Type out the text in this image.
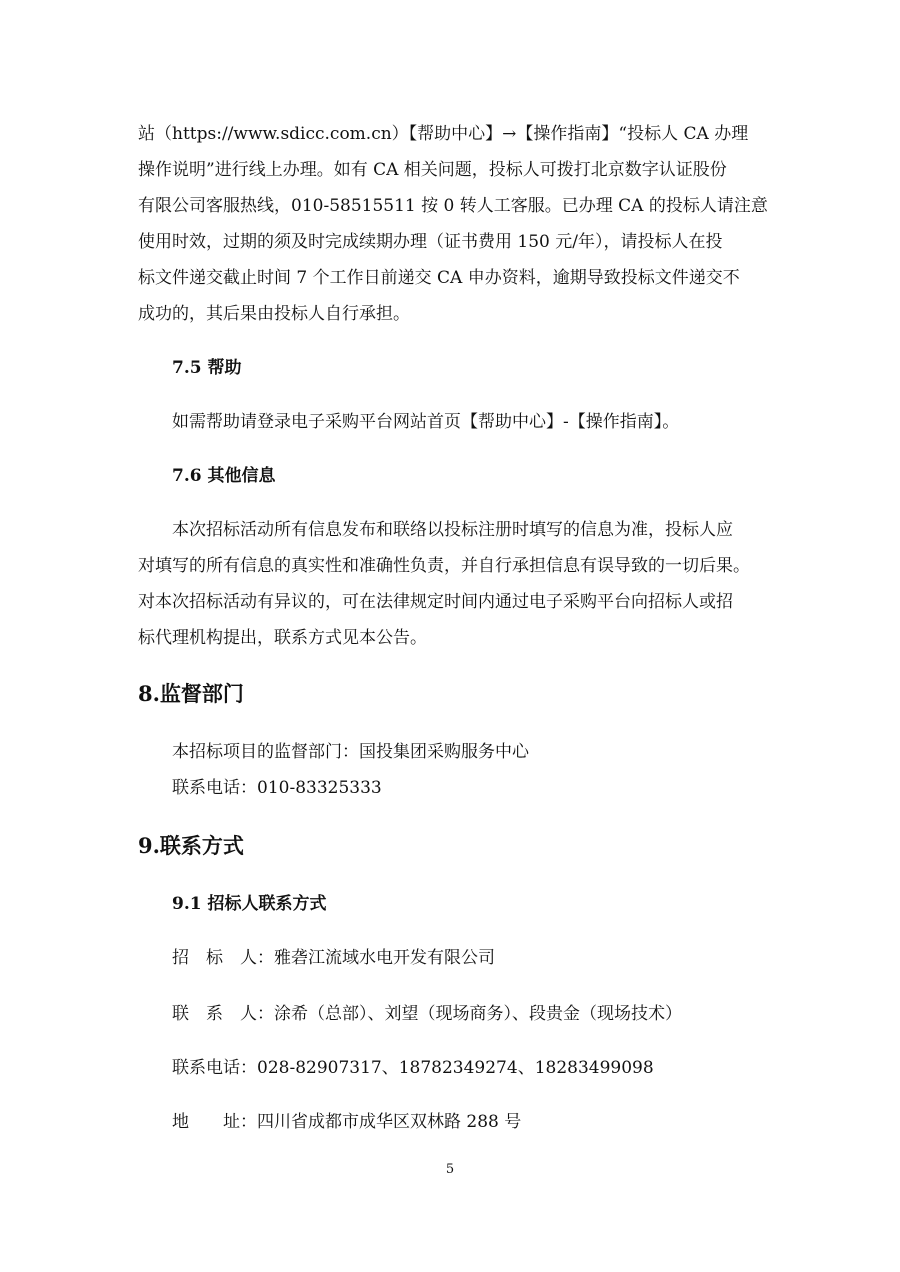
站（https://www.sdicc.com.cn）【帮助中心】→【操作指南】“投标人 CA 办理
操作说明”进行线上办理。如有 CA 相关问题，投标人可拨打北京数字认证股份
有限公司客服热线，010-58515511 按 0 转人工客服。已办理 CA 的投标人请注意
使用时效，过期的须及时完成续期办理（证书费用 150 元/年），请投标人在投
标文件递交截止时间 7 个工作日前递交 CA 申办资料，逾期导致投标文件递交不
成功的，其后果由投标人自行承担。
7.5 帮助
如需帮助请登录电子采购平台网站首页【帮助中心】-【操作指南】。
7.6 其他信息
　　本次招标活动所有信息发布和联络以投标注册时填写的信息为准，投标人应
对填写的所有信息的真实性和准确性负责，并自行承担信息有误导致的一切后果。
对本次招标活动有异议的，可在法律规定时间内通过电子采购平台向招标人或招
标代理机构提出，联系方式见本公告。
8.监督部门
本招标项目的监督部门：国投集团采购服务中心
联系电话：010-83325333
9.联系方式
9.1 招标人联系方式
招　标　人：雅砻江流域水电开发有限公司
联　系　人：涂希（总部）、刘望（现场商务）、段贵金（现场技术）
联系电话：028-82907317、18782349274、18283499098
地　　址：四川省成都市成华区双林路 288 号
5
